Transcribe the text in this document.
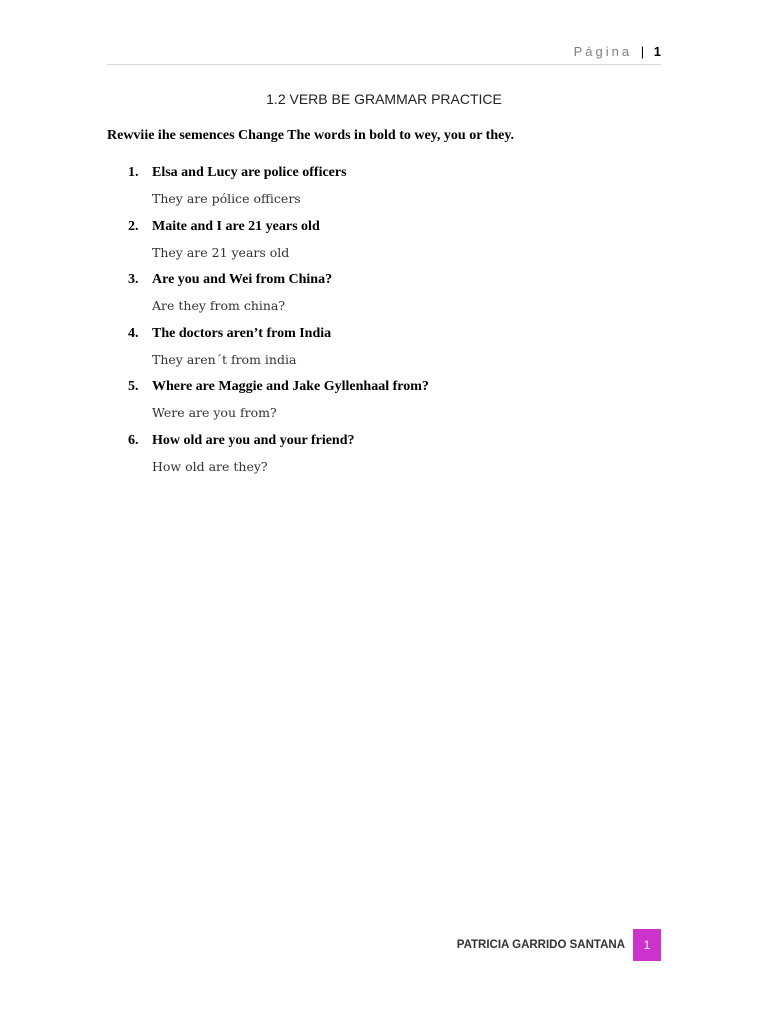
Página | 1
1.2 VERB BE GRAMMAR PRACTICE
Rewviie ihe semences Change The words in bold to wey, you or they.
1. Elsa and Lucy are police officers
They are pólice officers
2. Maite and I are 21 years old
They are 21 years old
3. Are you and Wei from China?
Are they from china?
4. The doctors aren’t from India
They aren´t from india
5. Where are Maggie and Jake Gyllenhaal from?
Were are you from?
6. How old are you and your friend?
How old are they?
PATRICIA GARRIDO SANTANA	1
